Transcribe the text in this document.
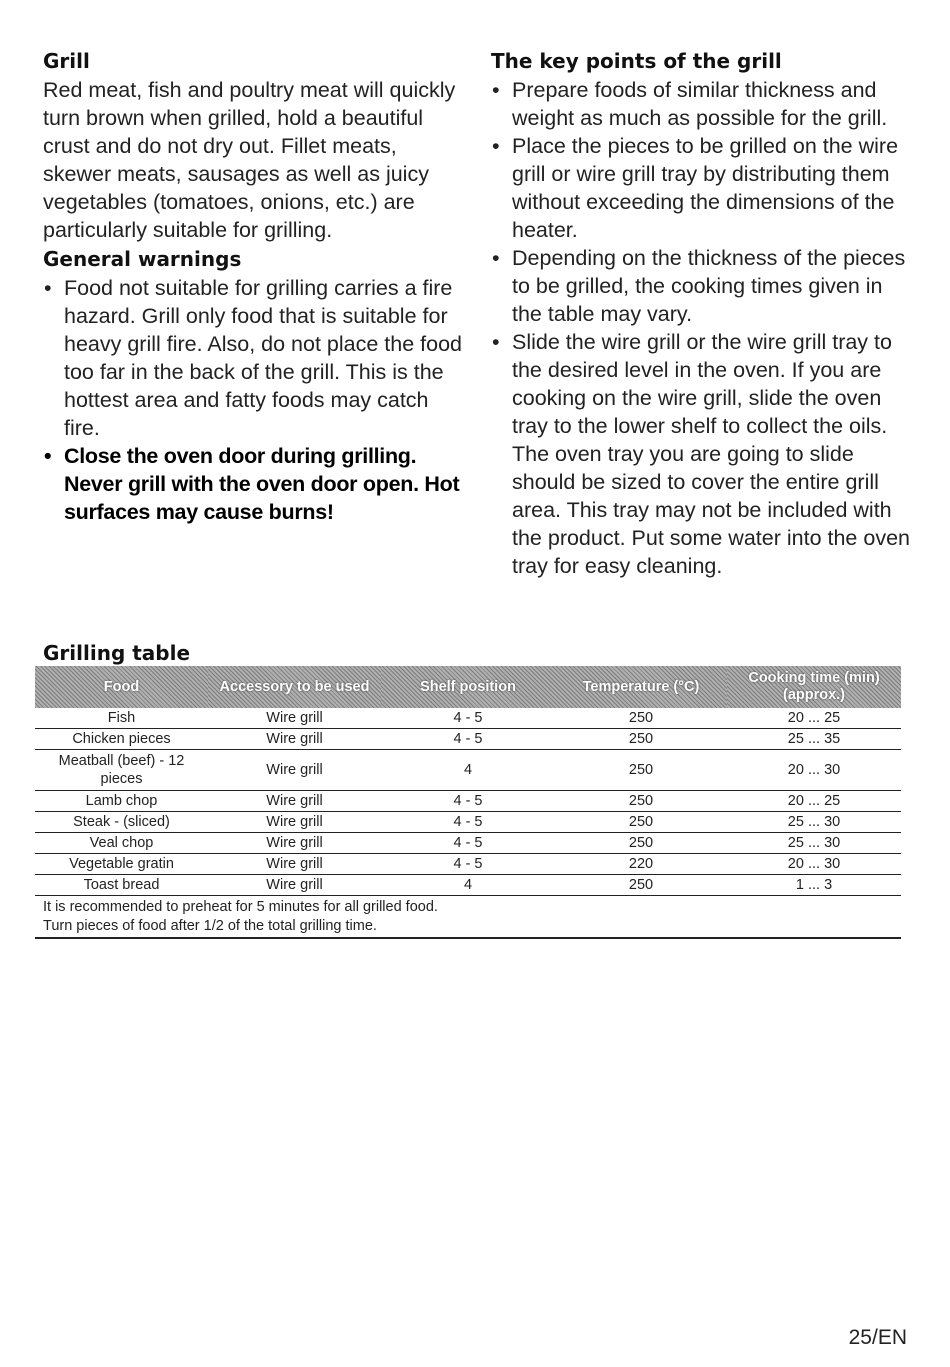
Grill

Red meat, fish and poultry meat will quickly turn brown when grilled, hold a beautiful crust and do not dry out. Fillet meats, skewer meats, sausages as well as juicy vegetables (tomatoes, onions, etc.) are particularly suitable for grilling.

General warnings
• Food not suitable for grilling carries a fire hazard. Grill only food that is suitable for heavy grill fire. Also, do not place the food too far in the back of the grill. This is the hottest area and fatty foods may catch fire.
• Close the oven door during grilling. Never grill with the oven door open. Hot surfaces may cause burns!
The key points of the grill
• Prepare foods of similar thickness and weight as much as possible for the grill.
• Place the pieces to be grilled on the wire grill or wire grill tray by distributing them without exceeding the dimensions of the heater.
• Depending on the thickness of the pieces to be grilled, the cooking times given in the table may vary.
• Slide the wire grill or the wire grill tray to the desired level in the oven. If you are cooking on the wire grill, slide the oven tray to the lower shelf to collect the oils. The oven tray you are going to slide should be sized to cover the entire grill area. This tray may not be included with the product. Put some water into the oven tray for easy cleaning.
Grilling table
Food	Accessory to be used	Shelf position	Temperature (°C)	Cooking time (min) (approx.)
Fish	Wire grill	4 - 5	250	20 ... 25
Chicken pieces	Wire grill	4 - 5	250	25 ... 35
Meatball (beef) - 12 pieces	Wire grill	4	250	20 ... 30
Lamb chop	Wire grill	4 - 5	250	20 ... 25
Steak - (sliced)	Wire grill	4 - 5	250	25 ... 30
Veal chop	Wire grill	4 - 5	250	25 ... 30
Vegetable gratin	Wire grill	4 - 5	220	20 ... 30
Toast bread	Wire grill	4	250	1 ... 3

It is recommended to preheat for 5 minutes for all grilled food.
Turn pieces of food after 1/2 of the total grilling time.				
25/EN
